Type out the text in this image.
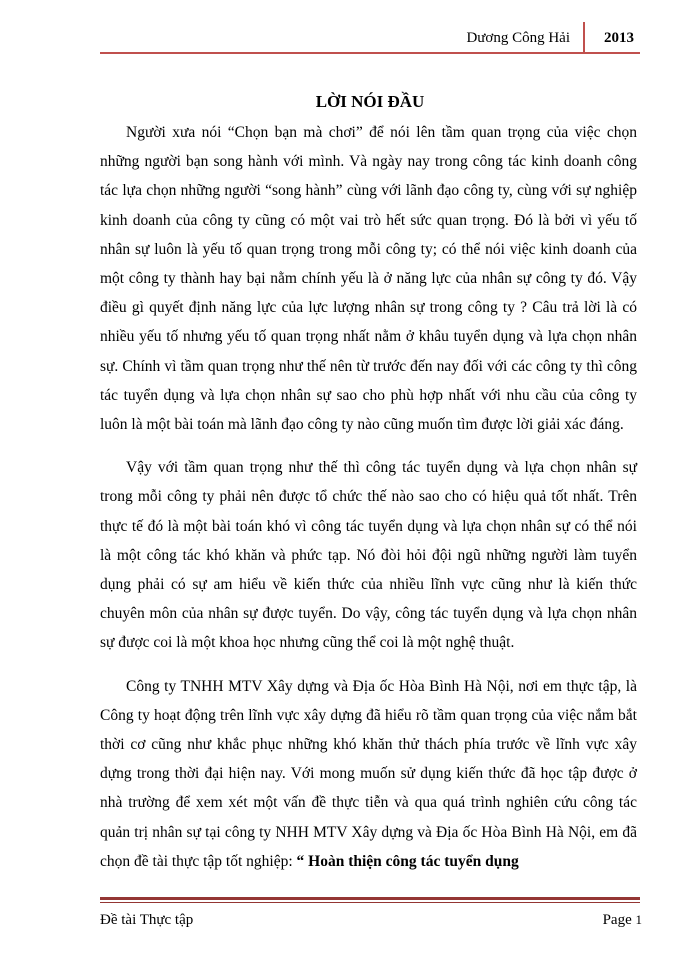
Dương Công Hải 2013
LỜI NÓI ĐẦU

Người xưa nói “Chọn bạn mà chơi” để nói lên tầm quan trọng của việc chọn những người bạn song hành với mình. Và ngày nay trong công tác kinh doanh công tác lựa chọn những người “song hành” cùng với lãnh đạo công ty, cùng với sự nghiệp kinh doanh của công ty cũng có một vai trò hết sức quan trọng. Đó là bởi vì yếu tố nhân sự luôn là yếu tố quan trọng trong mỗi công ty; có thể nói việc kinh doanh của một công ty thành hay bại nằm chính yếu là ở năng lực của nhân sự công ty đó. Vậy điều gì quyết định năng lực của lực lượng nhân sự trong công ty ? Câu trả lời là có nhiều yếu tố nhưng yếu tố quan trọng nhất nằm ở khâu tuyển dụng và lựa chọn nhân sự. Chính vì tầm quan trọng như thế nên từ trước đến nay đối với các công ty thì công tác tuyển dụng và lựa chọn nhân sự sao cho phù hợp nhất với nhu cầu của công ty luôn là một bài toán mà lãnh đạo công ty nào cũng muốn tìm được lời giải xác đáng.

Vậy với tầm quan trọng như thế thì công tác tuyển dụng và lựa chọn nhân sự trong mỗi công ty phải nên được tổ chức thế nào sao cho có hiệu quả tốt nhất. Trên thực tế đó là một bài toán khó vì công tác tuyển dụng và lựa chọn nhân sự có thể nói là một công tác khó khăn và phức tạp. Nó đòi hỏi đội ngũ những người làm tuyển dụng phải có sự am hiểu về kiến thức của nhiều lĩnh vực cũng như là kiến thức chuyên môn của nhân sự được tuyển. Do vậy, công tác tuyển dụng và lựa chọn nhân sự được coi là một khoa học nhưng cũng thể coi là một nghệ thuật.

Công ty TNHH MTV Xây dựng và Địa ốc Hòa Bình Hà Nội, nơi em thực tập, là Công ty hoạt động trên lĩnh vực xây dựng đã hiểu rõ tầm quan trọng của việc nắm bắt thời cơ cũng như khắc phục những khó khăn thử thách phía trước về lĩnh vực xây dựng trong thời đại hiện nay. Với mong muốn sử dụng kiến thức đã học tập được ở nhà trường để xem xét một vấn đề thực tiễn và qua quá trình nghiên cứu công tác quản trị nhân sự tại công ty NHH MTV Xây dựng và Địa ốc Hòa Bình Hà Nội, em đã chọn đề tài thực tập tốt nghiệp: “ Hoàn thiện công tác tuyển dụng

Đề tài Thực tập	Page 1
